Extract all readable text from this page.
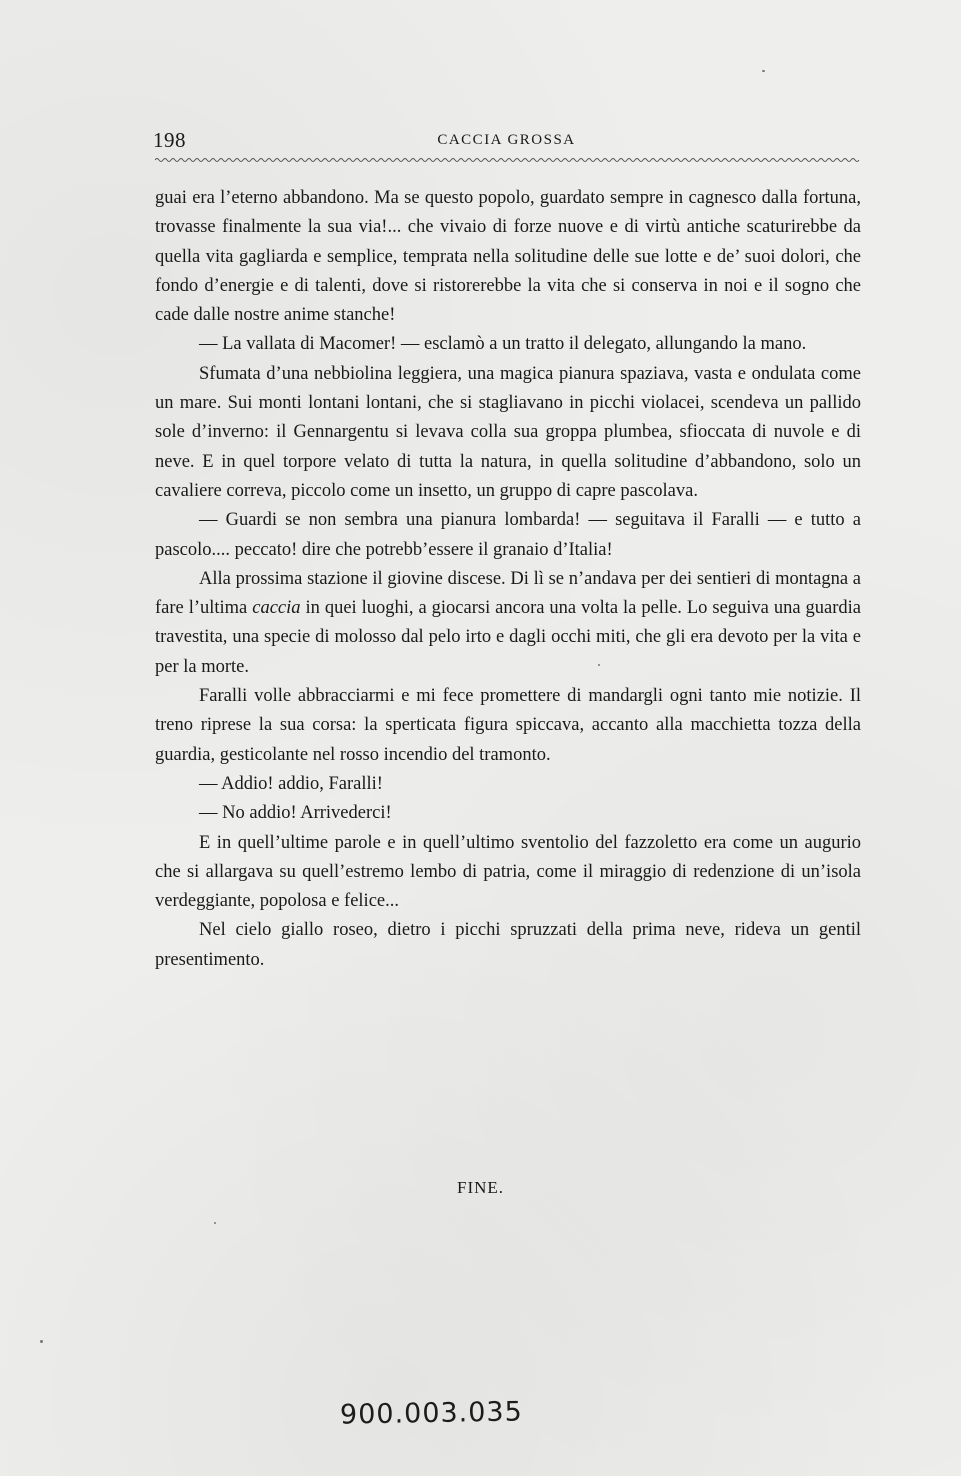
198	CACCIA GROSSA

guai era l’eterno abbandono. Ma se questo popolo, guardato sempre in cagnesco dalla fortuna, trovasse finalmente la sua via!... che vivaio di forze nuove e di virtù antiche scaturirebbe da quella vita gagliarda e semplice, temprata nella solitudine delle sue lotte e de’ suoi dolori, che fondo d’energie e di talenti, dove si ristorerebbe la vita che si conserva in noi e il sogno che cade dalle nostre anime stanche!

— La vallata di Macomer! — esclamò a un tratto il delegato, allungando la mano.

Sfumata d’una nebbiolina leggiera, una magica pianura spaziava, vasta e ondulata come un mare. Sui monti lontani lontani, che si stagliavano in picchi violacei, scendeva un pallido sole d’inverno: il Gennargentu si levava colla sua groppa plumbea, sfioccata di nuvole e di neve. E in quel torpore velato di tutta la natura, in quella solitudine d’abbandono, solo un cavaliere correva, piccolo come un insetto, un gruppo di capre pascolava.

— Guardi se non sembra una pianura lombarda! — seguitava il Faralli — e tutto a pascolo.... peccato! dire che potrebb’essere il granaio d’Italia!

Alla prossima stazione il giovine discese. Di lì se n’andava per dei sentieri di montagna a fare l’ultima caccia in quei luoghi, a giocarsi ancora una volta la pelle. Lo seguiva una guardia travestita, una specie di molosso dal pelo irto e dagli occhi miti, che gli era devoto per la vita e per la morte.

Faralli volle abbracciarmi e mi fece promettere di mandargli ogni tanto mie notizie. Il treno riprese la sua corsa: la sperticata figura spiccava, accanto alla macchietta tozza della guardia, gesticolante nel rosso incendio del tramonto.

— Addio! addio, Faralli!

— No addio! Arrivederci!

E in quell’ultime parole e in quell’ultimo sventolio del fazzoletto era come un augurio che si allargava su quell’estremo lembo di patria, come il miraggio di redenzione di un’isola verdeggiante, popolosa e felice...

Nel cielo giallo roseo, dietro i picchi spruzzati della prima neve, rideva un gentil presentimento.

FINE.
900.003.035
